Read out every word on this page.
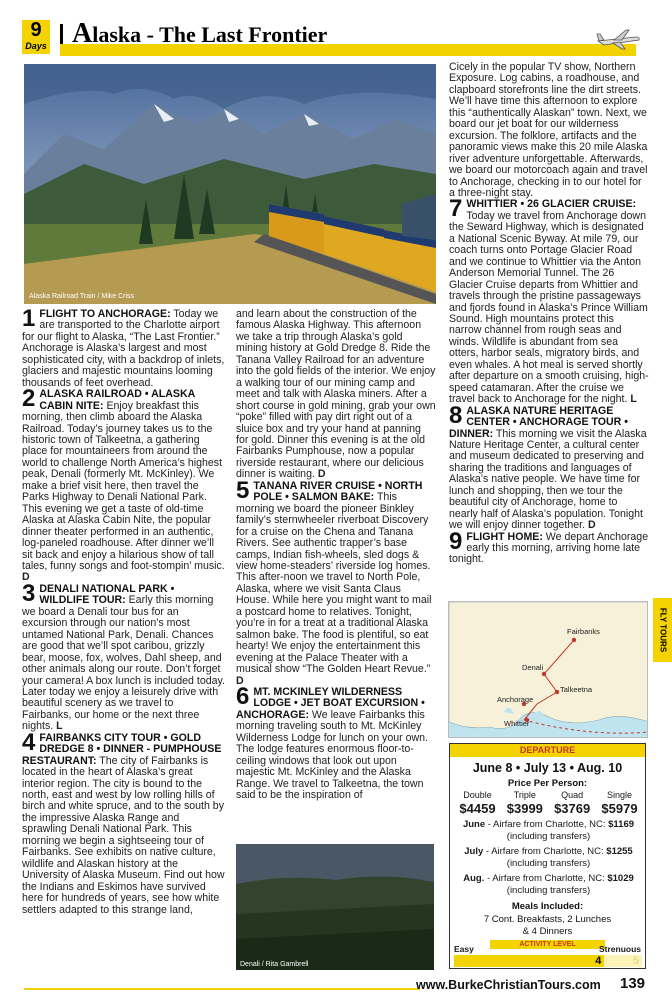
9
Days Alaska - The Last Frontier
Alaska Railroad Train / Mike Criss

1 FLIGHT TO ANCHORAGE: Today we are transported to the Charlotte airport for our flight to Alaska, “The Last Frontier.” Anchorage is Alaska’s largest and most sophisticated city, with a backdrop of inlets, glaciers and majestic mountains looming thousands of feet overhead.

2 ALASKA RAILROAD • ALASKA CABIN NITE: Enjoy breakfast this morning, then climb aboard the Alaska Railroad. Today’s journey takes us to the historic town of Talkeetna, a gathering place for mountaineers from around the world to challenge North America’s highest peak, Denali (formerly Mt. McKinley). We make a brief visit here, then travel the Parks Highway to Denali National Park. This evening we get a taste of old-time Alaska at Alaska Cabin Nite, the popular dinner theater performed in an authentic, log-paneled roadhouse. After dinner we’ll sit back and enjoy a hilarious show of tall tales, funny songs and foot-stompin’ music. D

3 DENALI NATIONAL PARK • WILDLIFE TOUR: Early this morning we board a Denali tour bus for an excursion through our nation’s most untamed National Park, Denali. Chances are good that we’ll spot caribou, grizzly bear, moose, fox, wolves, Dahl sheep, and other animals along our route. Don’t forget your camera! A box lunch is included today. Later today we enjoy a leisurely drive with beautiful scenery as we travel to Fairbanks, our home or the next three nights. L

4 FAIRBANKS CITY TOUR • GOLD DREDGE 8 • DINNER - PUMPHOUSE RESTAURANT: The city of Fairbanks is located in the heart of Alaska’s great interior region. The city is bound to the north, east and west by low rolling hills of birch and white spruce, and to the south by the impressive Alaska Range and sprawling Denali National Park. This morning we begin a sightseeing tour of Fairbanks. See exhibits on native culture, wildlife and Alaskan history at the University of Alaska Museum. Find out how the Indians and Eskimos have survived here for hundreds of years, see how white settlers adapted to this strange land,

and learn about the construction of the famous Alaska Highway. This afternoon we take a trip through Alaska’s gold mining history at Gold Dredge 8. Ride the Tanana Valley Railroad for an adventure into the gold fields of the interior. We enjoy a walking tour of our mining camp and meet and talk with Alaska miners. After a short course in gold mining, grab your own “poke” filled with pay dirt right out of a sluice box and try your hand at panning for gold. Dinner this evening is at the old Fairbanks Pumphouse, now a popular riverside restaurant, where our delicious dinner is waiting. D

5 TANANA RIVER CRUISE • NORTH POLE • SALMON BAKE: This morning we board the pioneer Binkley family’s sternwheeler riverboat Discovery for a cruise on the Chena and Tanana Rivers. See authentic trapper’s base camps, Indian fish-wheels, sled dogs & view home-steaders’ riverside log homes. This after-noon we travel to North Pole, Alaska, where we visit Santa Claus House. While here you might want to mail a postcard home to relatives. Tonight, you’re in for a treat at a traditional Alaska salmon bake. The food is plentiful, so eat hearty! We enjoy the entertainment this evening at the Palace Theater with a musical show “The Golden Heart Revue.” D

6 MT. MCKINLEY WILDERNESS LODGE • JET BOAT EXCURSION • ANCHORAGE: We leave Fairbanks this morning traveling south to Mt. McKinley Wilderness Lodge for lunch on your own. The lodge features enormous floor-to-ceiling windows that look out upon majestic Mt. McKinley and the Alaska Range. We travel to Talkeetna, the town said to be the inspiration of

Denali / Rita Gambrell

Cicely in the popular TV show, Northern Exposure. Log cabins, a roadhouse, and clapboard storefronts line the dirt streets. We’ll have time this afternoon to explore this “authentically Alaskan” town. Next, we board our jet boat for our wilderness excursion. The folklore, artifacts and the panoramic views make this 20 mile Alaska river adventure unforgettable. Afterwards, we board our motorcoach again and travel to Anchorage, checking in to our hotel for a three-night stay.

7 WHITTIER • 26 GLACIER CRUISE: Today we travel from Anchorage down the Seward Highway, which is designated a National Scenic Byway. At mile 79, our coach turns onto Portage Glacier Road and we continue to Whittier via the Anton Anderson Memorial Tunnel. The 26 Glacier Cruise departs from Whittier and travels through the pristine passageways and fjords found in Alaska’s Prince William Sound. High mountains protect this narrow channel from rough seas and winds. Wildlife is abundant from sea otters, harbor seals, migratory birds, and even whales. A hot meal is served shortly after departure on a smooth cruising, high-speed catamaran. After the cruise we travel back to Anchorage for the night. L

8 ALASKA NATURE HERITAGE CENTER • ANCHORAGE TOUR • DINNER: This morning we visit the Alaska Nature Heritage Center, a cultural center and museum dedicated to preserving and sharing the traditions and languages of Alaska’s native people. We have time for lunch and shopping, then we tour the beautiful city of Anchorage, home to nearly half of Alaska’s population. Tonight we will enjoy dinner together. D

9 FLIGHT HOME: We depart Anchorage early this morning, arriving home late tonight.

FLY TOURS
Fairbanks
Denali
Talkeetna
Anchorage
Whittier
DEPARTURE
June 8 • July 13 • Aug. 10
Price Per Person:
Double	Triple	Quad	Single
$4459 $3999 $3769 $5979
June - Airfare from Charlotte, NC: $1169
(including transfers)
July - Airfare from Charlotte, NC: $1255
(including transfers)
Aug. - Airfare from Charlotte, NC: $1029
(including transfers)
Meals Included:
7 Cont. Breakfasts, 2 Lunches
& 4 Dinners
ACTIVITY LEVEL
Easy	Strenuous
1	2	3	4	5
www.BurkeChristianTours.com 139
